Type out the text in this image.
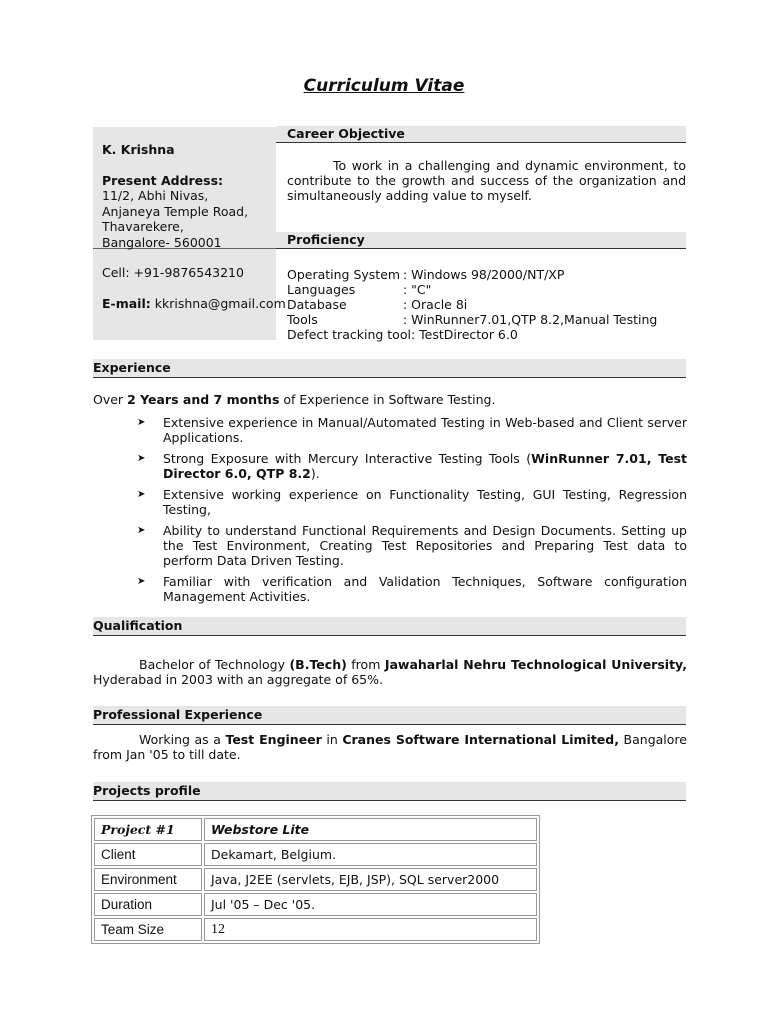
Curriculum Vitae
K. Krishna
Present Address:
11/2, Abhi Nivas,
Anjaneya Temple Road,
Thavarekere,
Bangalore- 560001
Cell: +91-9876543210
E-mail: kkrishna@gmail.com
Career Objective
To work in a challenging and dynamic environment, to contribute to the growth and success of the organization and simultaneously adding value to myself.
Proficiency
Operating System : Windows 98/2000/NT/XP
Languages	: "C"
Database	: Oracle 8i
Tools	: WinRunner7.01,QTP 8.2,Manual Testing
Defect tracking tool: TestDirector 6.0
Experience
Over 2 Years and 7 months of Experience in Software Testing.
➤ Extensive experience in Manual/Automated Testing in Web-based and Client server Applications.
➤ Strong Exposure with Mercury Interactive Testing Tools (WinRunner 7.01, Test Director 6.0, QTP 8.2).
➤ Extensive working experience on Functionality Testing, GUI Testing, Regression Testing,
➤ Ability to understand Functional Requirements and Design Documents. Setting up the Test Environment, Creating Test Repositories and Preparing Test data to perform Data Driven Testing.
➤ Familiar with verification and Validation Techniques, Software configuration Management Activities.
Qualification
Bachelor of Technology (B.Tech) from Jawaharlal Nehru Technological University, Hyderabad in 2003 with an aggregate of 65%.
Professional Experience
Working as a Test Engineer in Cranes Software International Limited, Bangalore from Jan '05 to till date.
Projects profile
Project #1	Webstore Lite
Client	Dekamart, Belgium.
Environment	Java, J2EE (servlets, EJB, JSP), SQL server2000
Duration	Jul '05 – Dec '05.
Team Size	12
